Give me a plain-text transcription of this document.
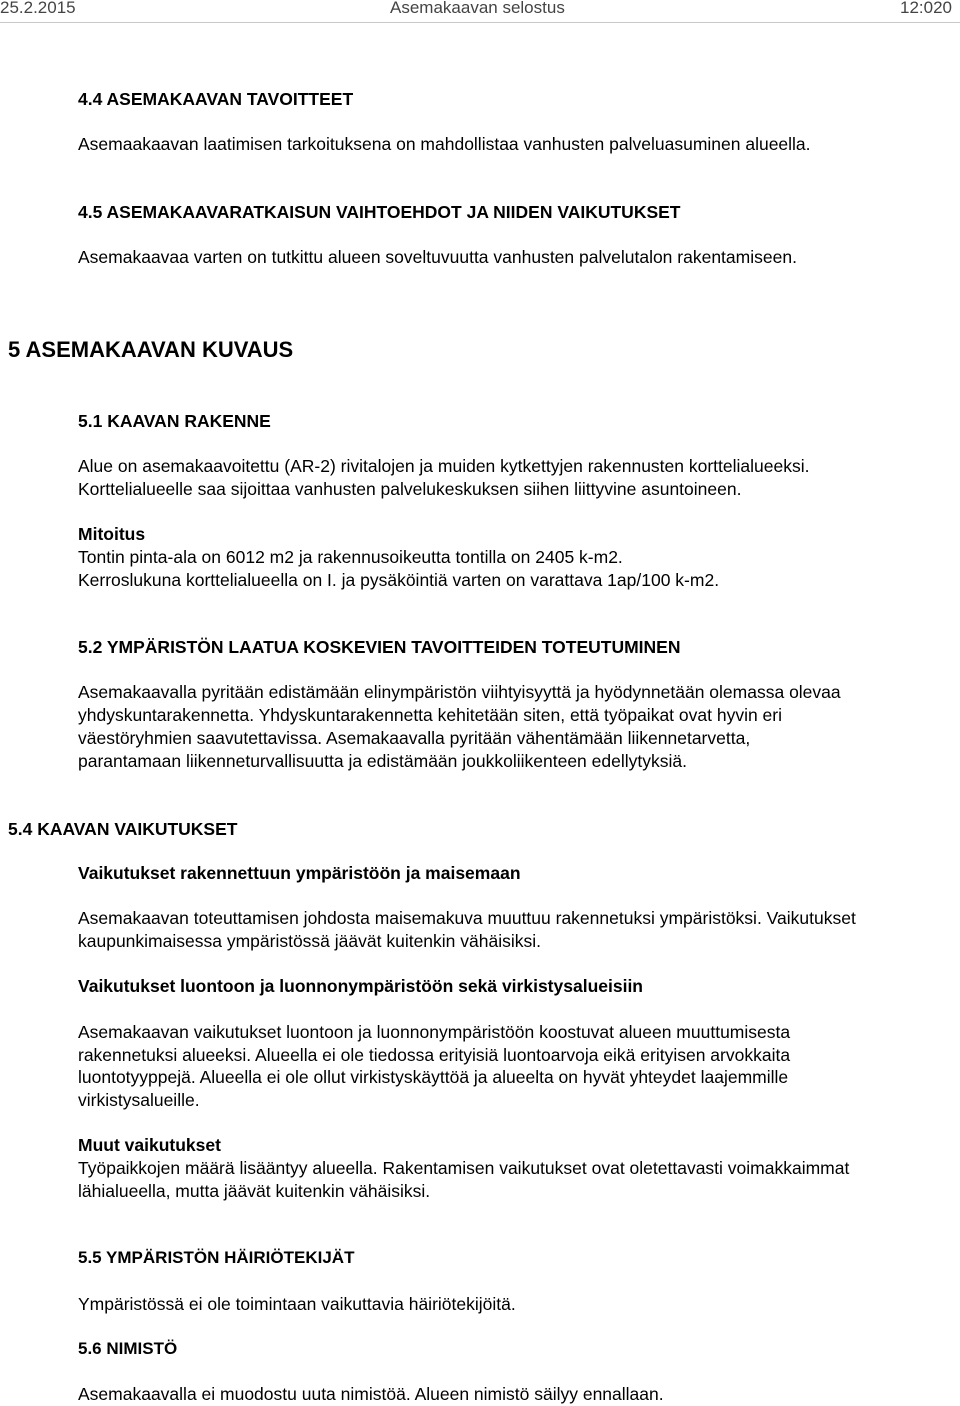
25.2.2015	Asemakaavan selostus	12:020
4.4 ASEMAKAAVAN TAVOITTEET
Asemaakaavan laatimisen tarkoituksena on mahdollistaa vanhusten palveluasuminen alueella.
4.5 ASEMAKAAVARATKAISUN VAIHTOEHDOT JA NIIDEN VAIKUTUKSET
Asemakaavaa varten on tutkittu alueen soveltuvuutta vanhusten palvelutalon rakentamiseen.
5 ASEMAKAAVAN KUVAUS
5.1 KAAVAN RAKENNE
Alue on asemakaavoitettu (AR-2) rivitalojen ja muiden kytkettyjen rakennusten korttelialueeksi.
Korttelialueelle saa sijoittaa vanhusten palvelukeskuksen siihen liittyvine asuntoineen.
Mitoitus
Tontin pinta-ala on 6012 m2 ja rakennusoikeutta tontilla on 2405 k-m2.
Kerroslukuna korttelialueella on I. ja pysäköintiä varten on varattava 1ap/100 k-m2.
5.2 YMPÄRISTÖN LAATUA KOSKEVIEN TAVOITTEIDEN TOTEUTUMINEN
Asemakaavalla pyritään edistämään elinympäristön viihtyisyyttä ja hyödynnetään olemassa olevaa
yhdyskuntarakennetta. Yhdyskuntarakennetta kehitetään siten, että työpaikat ovat hyvin eri
väestöryhmien saavutettavissa. Asemakaavalla pyritään vähentämään liikennetarvetta,
parantamaan liikenneturvallisuutta ja edistämään joukkoliikenteen edellytyksiä.
5.4 KAAVAN VAIKUTUKSET
Vaikutukset rakennettuun ympäristöön ja maisemaan
Asemakaavan toteuttamisen johdosta maisemakuva muuttuu rakennetuksi ympäristöksi. Vaikutukset
kaupunkimaisessa ympäristössä jäävät kuitenkin vähäisiksi.
Vaikutukset luontoon ja luonnonympäristöön sekä virkistysalueisiin
Asemakaavan vaikutukset luontoon ja luonnonympäristöön koostuvat alueen muuttumisesta
rakennetuksi alueeksi. Alueella ei ole tiedossa erityisiä luontoarvoja eikä erityisen arvokkaita
luontotyyppejä. Alueella ei ole ollut virkistyskäyttöä ja alueelta on hyvät yhteydet laajemmille
virkistysalueille.
Muut vaikutukset
Työpaikkojen määrä lisääntyy alueella. Rakentamisen vaikutukset ovat oletettavasti voimakkaimmat
lähialueella, mutta jäävät kuitenkin vähäisiksi.
5.5 YMPÄRISTÖN HÄIRIÖTEKIJÄT
Ympäristössä ei ole toimintaan vaikuttavia häiriötekijöitä.
5.6 NIMISTÖ
Asemakaavalla ei muodostu uuta nimistöä. Alueen nimistö säilyy ennallaan.
